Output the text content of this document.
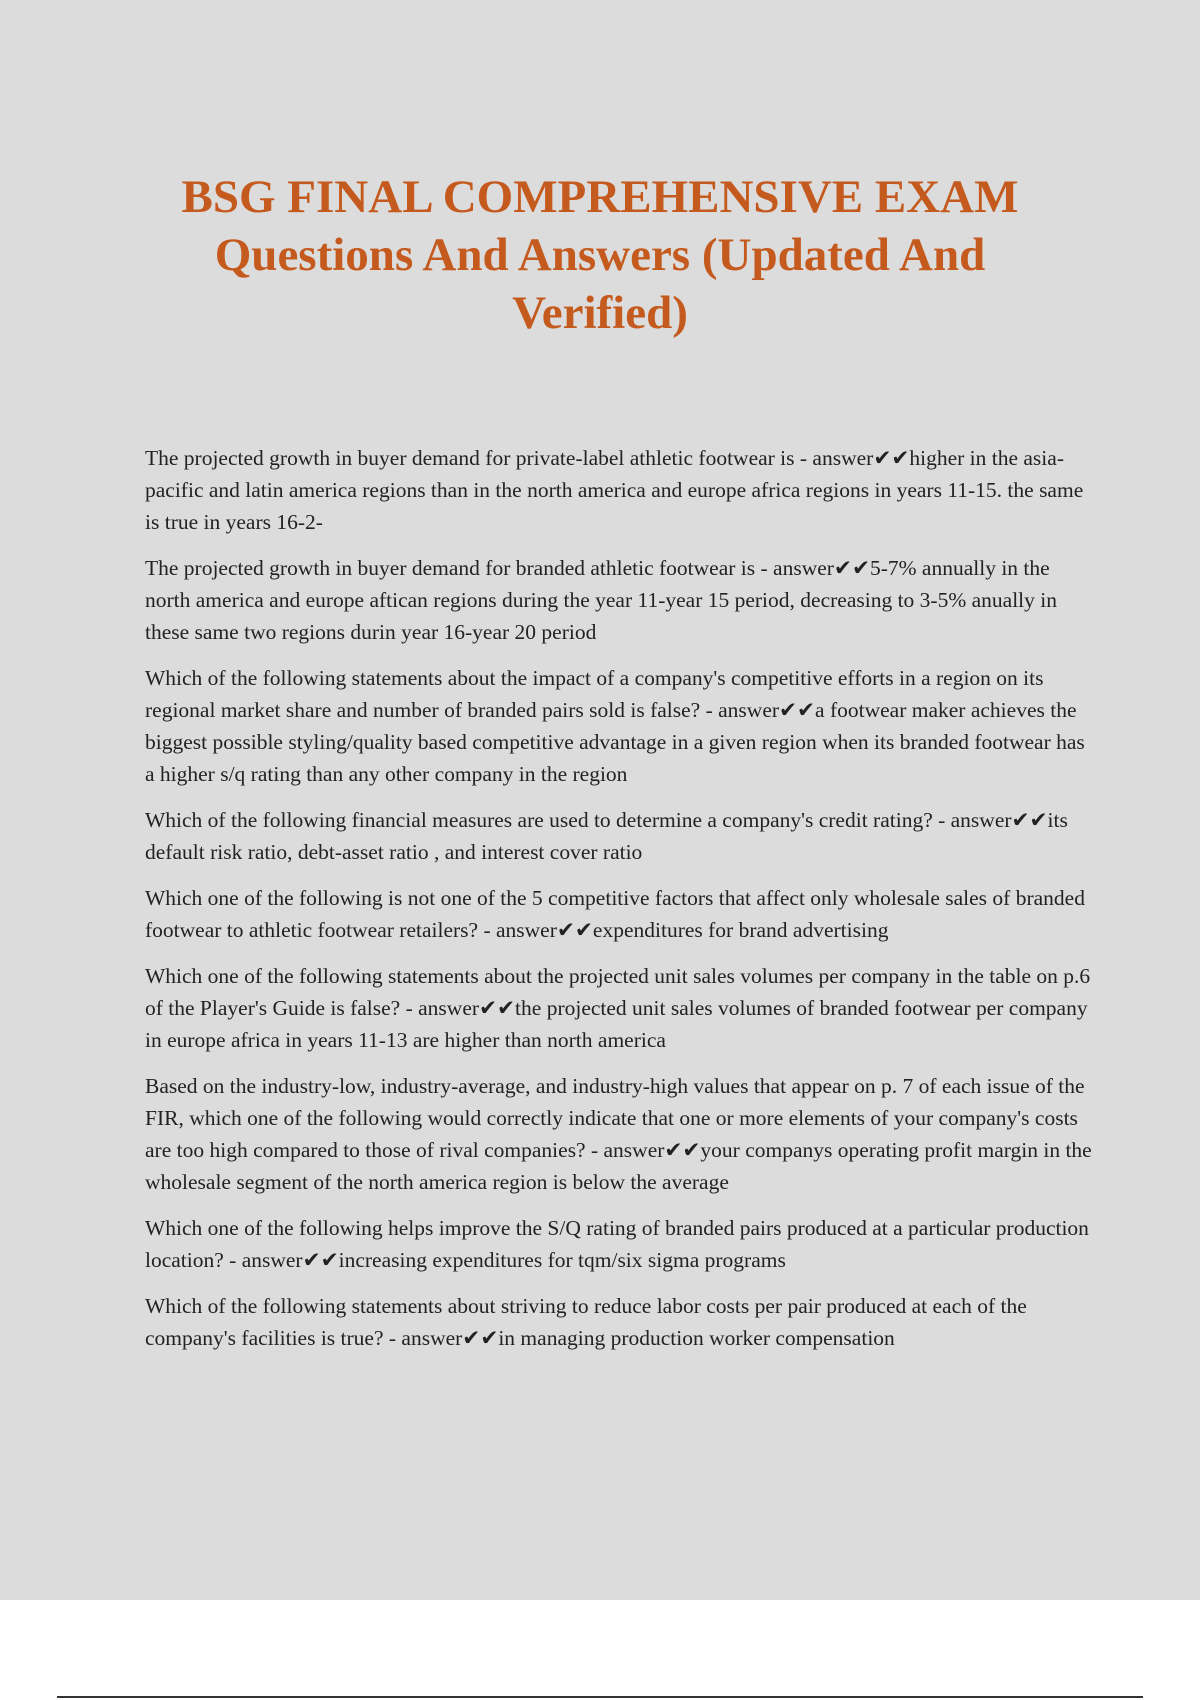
BSG FINAL COMPREHENSIVE EXAM
Questions And Answers (Updated And
Verified)

The projected growth in buyer demand for private-label athletic footwear is - answer✔✔higher in the asia-pacific and latin america regions than in the north america and europe africa regions in years 11-15. the same is true in years 16-2-

The projected growth in buyer demand for branded athletic footwear is - answer✔✔5-7% annually in the north america and europe aftican regions during the year 11-year 15 period, decreasing to 3-5% anually in these same two regions durin year 16-year 20 period

Which of the following statements about the impact of a company's competitive efforts in a region on its regional market share and number of branded pairs sold is false? - answer✔✔a footwear maker achieves the biggest possible styling/quality based competitive advantage in a given region when its branded footwear has a higher s/q rating than any other company in the region

Which of the following financial measures are used to determine a company's credit rating? - answer✔✔its default risk ratio, debt-asset ratio , and interest cover ratio

Which one of the following is not one of the 5 competitive factors that affect only wholesale sales of branded footwear to athletic footwear retailers? - answer✔✔expenditures for brand advertising

Which one of the following statements about the projected unit sales volumes per company in the table on p.6 of the Player's Guide is false? - answer✔✔the projected unit sales volumes of branded footwear per company in europe africa in years 11-13 are higher than north america

Based on the industry-low, industry-average, and industry-high values that appear on p. 7 of each issue of the FIR, which one of the following would correctly indicate that one or more elements of your company's costs are too high compared to those of rival companies? - answer✔✔your companys operating profit margin in the wholesale segment of the north america region is below the average

Which one of the following helps improve the S/Q rating of branded pairs produced at a particular production location? - answer✔✔increasing expenditures for tqm/six sigma programs

Which of the following statements about striving to reduce labor costs per pair produced at each of the company's facilities is true? - answer✔✔in managing production worker compensation
